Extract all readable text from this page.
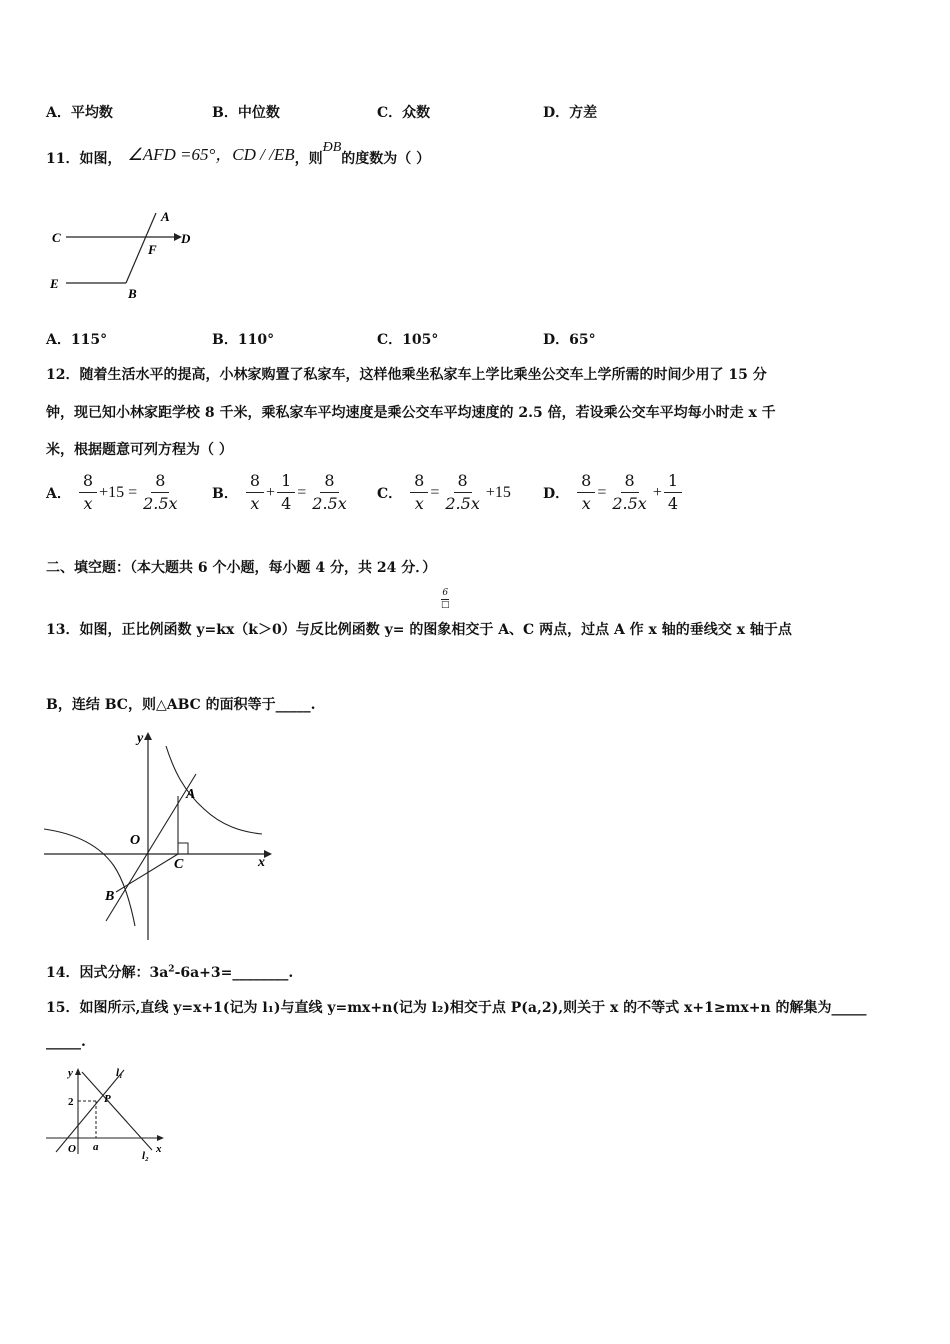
A．平均数	B．中位数	C．众数	D．方差
11． 如图， ∠AFD =65°，CD / /EB ，则
ÐB
的度数为（ ）
A
C	D
F
E
B
A．115°	B．110°	C．105°	D．65°
12．随着生活水平的提高，小林家购置了私家车，这样他乘坐私家车上学比乘坐公交车上学所需的时间少用了 15 分
钟，现已知小林家距学校 8 千米，乘私家车平均速度是乘公交车平均速度的 2.5 倍，若设乘公交车平均每小时走 x 千
米，根据题意可列方程为（ ）
A． $\frac{8}{x} +15 = \frac{8}{2.5x}$ B． $\frac{8}{x} + \frac{1}{4} = \frac{8}{2.5x}$ C． $\frac{8}{x} = \frac{8}{2.5x} +15$ D． $\frac{8}{x} = \frac{8}{2.5x} + \frac{1}{4}$
二、填空题：（本大题共 6 个小题，每小题 4 分，共 24 分．）
6
□
13．如图，正比例函数 y=kx（k＞0）与反比例函数 y= 的图象相交于 A、C 两点，过点 A 作 x 轴的垂线交 x 轴于点
B，连结 BC，则△ABC 的面积等于_____.
y
x
O
A
C
B
14．因式分解：$3a^2-6a+3=\_\_\_\_\_\_\_\_$.
15．如图所示,直线 y=x+1(记为 l₁)与直线 y=mx+n(记为 l₂)相交于点 P(a,2),则关于 x 的不等式 x+1≥mx+n 的解集为_____
_____.
y
x
O
2
a
P
l₁
l₂
